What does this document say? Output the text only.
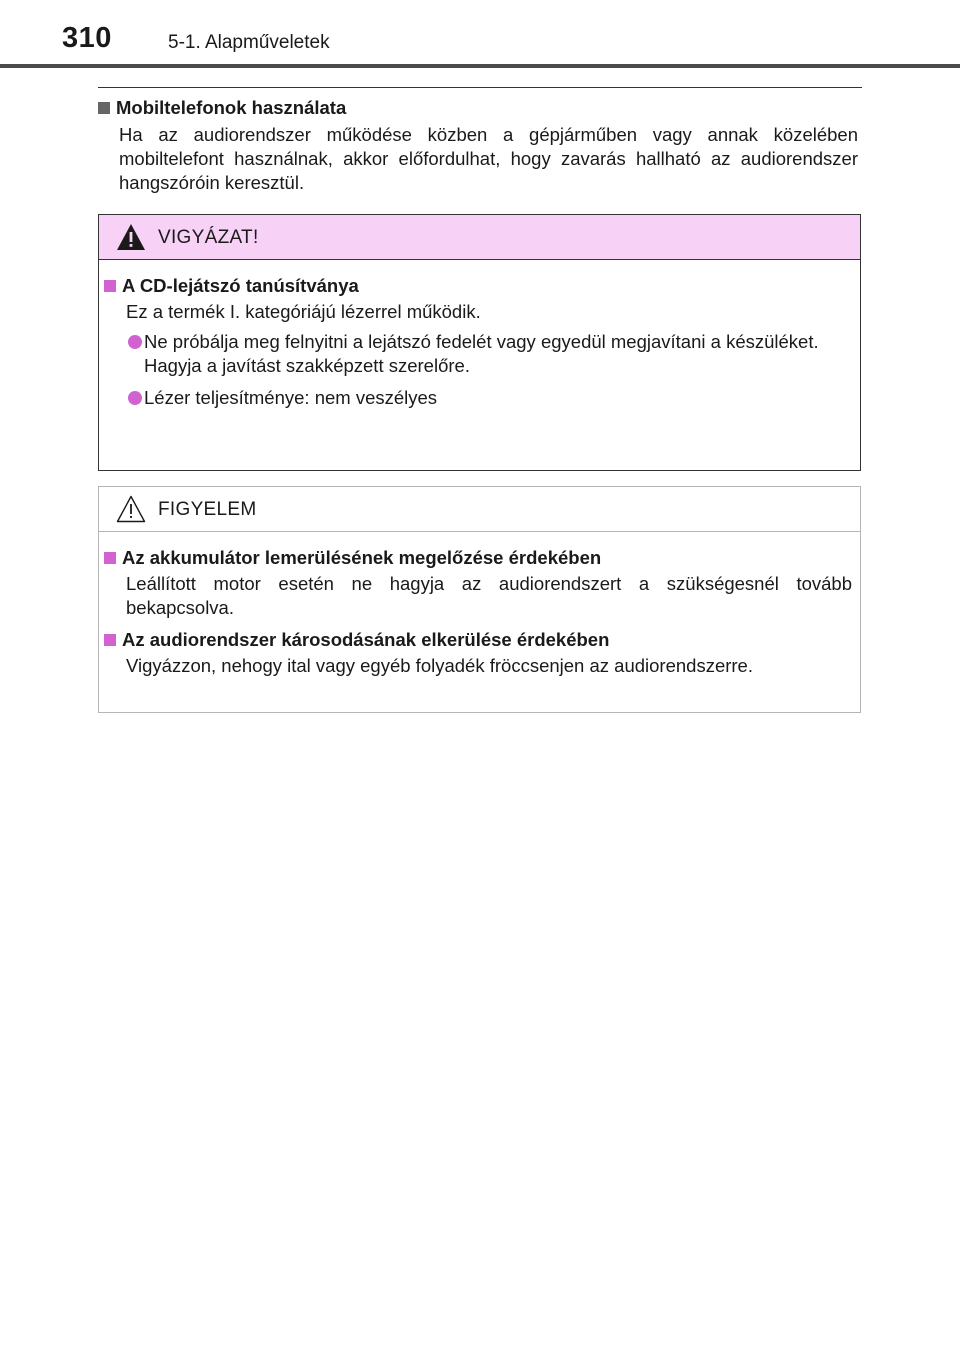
310	5-1. Alapműveletek
Mobiltelefonok használata
Ha az audiorendszer működése közben a gépjárműben vagy annak közelében mobiltelefont használnak, akkor előfordulhat, hogy zavarás hallható az audiorendszer hangszóróin keresztül.
VIGYÁZAT!
A CD-lejátszó tanúsítványa
Ez a termék I. kategóriájú lézerrel működik.
Ne próbálja meg felnyitni a lejátszó fedelét vagy egyedül megjavítani a készüléket.
Hagyja a javítást szakképzett szerelőre.
Lézer teljesítménye: nem veszélyes
FIGYELEM
Az akkumulátor lemerülésének megelőzése érdekében
Leállított motor esetén ne hagyja az audiorendszert a szükségesnél tovább bekapcsolva.
Az audiorendszer károsodásának elkerülése érdekében
Vigyázzon, nehogy ital vagy egyéb folyadék fröccsenjen az audiorendszerre.
